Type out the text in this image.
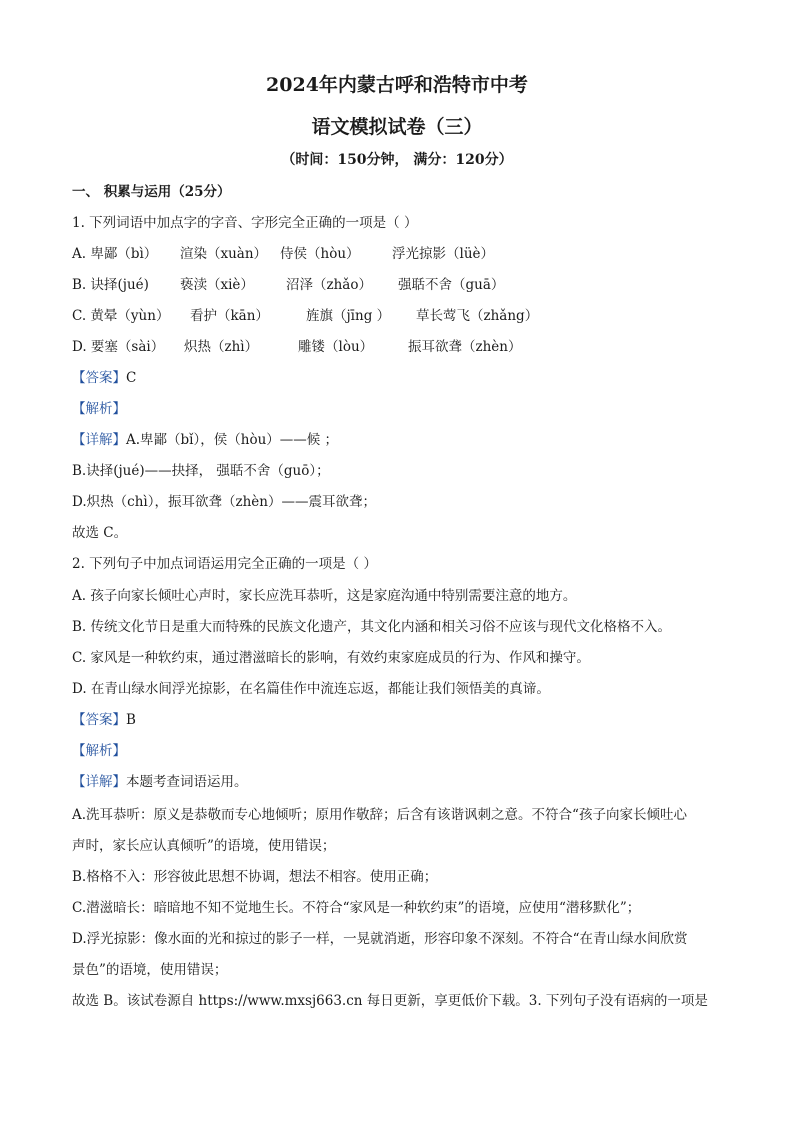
2024年内蒙古呼和浩特市中考
语文模拟试卷（三）
（时间：150分钟， 满分：120分）
一、 积累与运用（25分）
1. 下列词语中加点字的字音、字形完全正确的一项是（ ）
A. 卑鄙（bì） 渲染（xuàn） 侍侯（hòu） 浮光掠影（lüè）
B. 诀择(jué) 亵渎（xiè） 沼泽（zhǎo） 强聒不舍（guā）
C. 黄晕（yùn） 看护（kān）	旌旗（jīng ） 草长莺飞（zhǎng）
D. 要塞（sài） 炽热（zhì）	雕镂（lòu）	振耳欲聋（zhèn）
【答案】C
【解析】
【详解】A.卑鄙（bǐ），侯（hòu）——候 ；
B.诀择(jué)——抉择， 强聒不舍（guō）；
D.炽热（chì），振耳欲聋（zhèn）——震耳欲聋；
故选 C。
2. 下列句子中加点词语运用完全正确的一项是（ ）
A. 孩子向家长倾吐心声时，家长应洗耳恭听，这是家庭沟通中特别需要注意的地方。
B. 传统文化节日是重大而特殊的民族文化遗产，其文化内涵和相关习俗不应该与现代文化格格不入。
C. 家风是一种软约束，通过潜滋暗长的影响，有效约束家庭成员的行为、作风和操守。
D. 在青山绿水间浮光掠影，在名篇佳作中流连忘返，都能让我们领悟美的真谛。
【答案】B
【解析】
【详解】本题考查词语运用。
A.洗耳恭听：原义是恭敬而专心地倾听；原用作敬辞；后含有该谐讽刺之意。不符合“孩子向家长倾吐心
声时，家长应认真倾听”的语境，使用错误；
B.格格不入：形容彼此思想不协调，想法不相容。使用正确；
C.潜滋暗长：暗暗地不知不觉地生长。不符合“家风是一种软约束”的语境，应使用“潜移默化”；
D.浮光掠影：像水面的光和掠过的影子一样，一晃就消逝，形容印象不深刻。不符合“在青山绿水间欣赏
景色”的语境，使用错误；
故选 B。该试卷源自 https://www.mxsj663.cn 每日更新，享更低价下载。3. 下列句子没有语病的一项是
